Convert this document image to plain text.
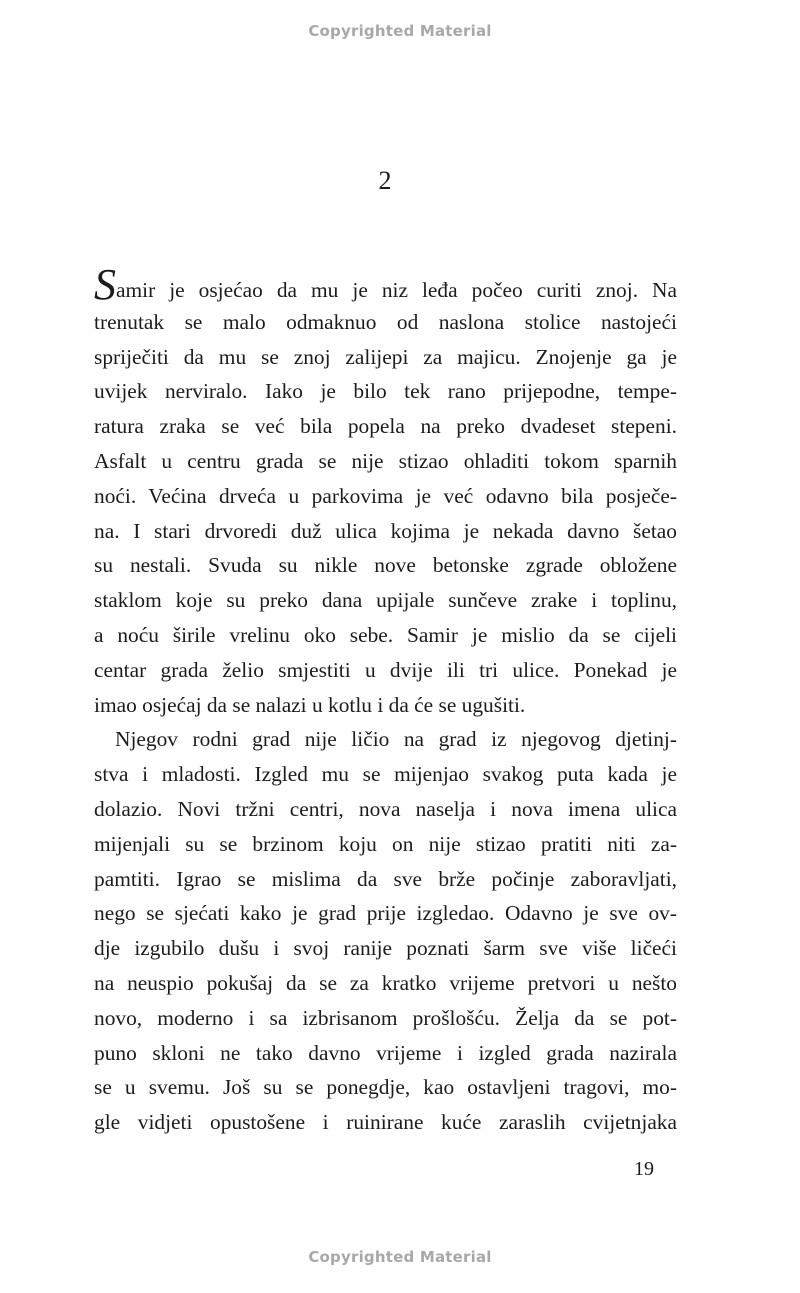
Copyrighted Material
2
Samir je osjećao da mu je niz leđa počeo curiti znoj. Na
trenutak se malo odmaknuo od naslona stolice nastojeći
spriječiti da mu se znoj zalijepi za majicu. Znojenje ga je
uvijek nerviralo. Iako je bilo tek rano prijepodne, tempe-
ratura zraka se već bila popela na preko dvadeset stepeni.
Asfalt u centru grada se nije stizao ohladiti tokom sparnih
noći. Većina drveća u parkovima je već odavno bila posječe-
na. I stari drvoredi duž ulica kojima je nekada davno šetao
su nestali. Svuda su nikle nove betonske zgrade obložene
staklom koje su preko dana upijale sunčeve zrake i toplinu,
a noću širile vrelinu oko sebe. Samir je mislio da se cijeli
centar grada želio smjestiti u dvije ili tri ulice. Ponekad je
imao osjećaj da se nalazi u kotlu i da će se ugušiti.
Njegov rodni grad nije ličio na grad iz njegovog djetinj-
stva i mladosti. Izgled mu se mijenjao svakog puta kada je
dolazio. Novi tržni centri, nova naselja i nova imena ulica
mijenjali su se brzinom koju on nije stizao pratiti niti za-
pamtiti. Igrao se mislima da sve brže počinje zaboravljati,
nego se sjećati kako je grad prije izgledao. Odavno je sve ov-
dje izgubilo dušu i svoj ranije poznati šarm sve više ličeći
na neuspio pokušaj da se za kratko vrijeme pretvori u nešto
novo, moderno i sa izbrisanom prošlošću. Želja da se pot-
puno skloni ne tako davno vrijeme i izgled grada nazirala
se u svemu. Još su se ponegdje, kao ostavljeni tragovi, mo-
gle vidjeti opustošene i ruinirane kuće zaraslih cvijetnjaka
19
Copyrighted Material
